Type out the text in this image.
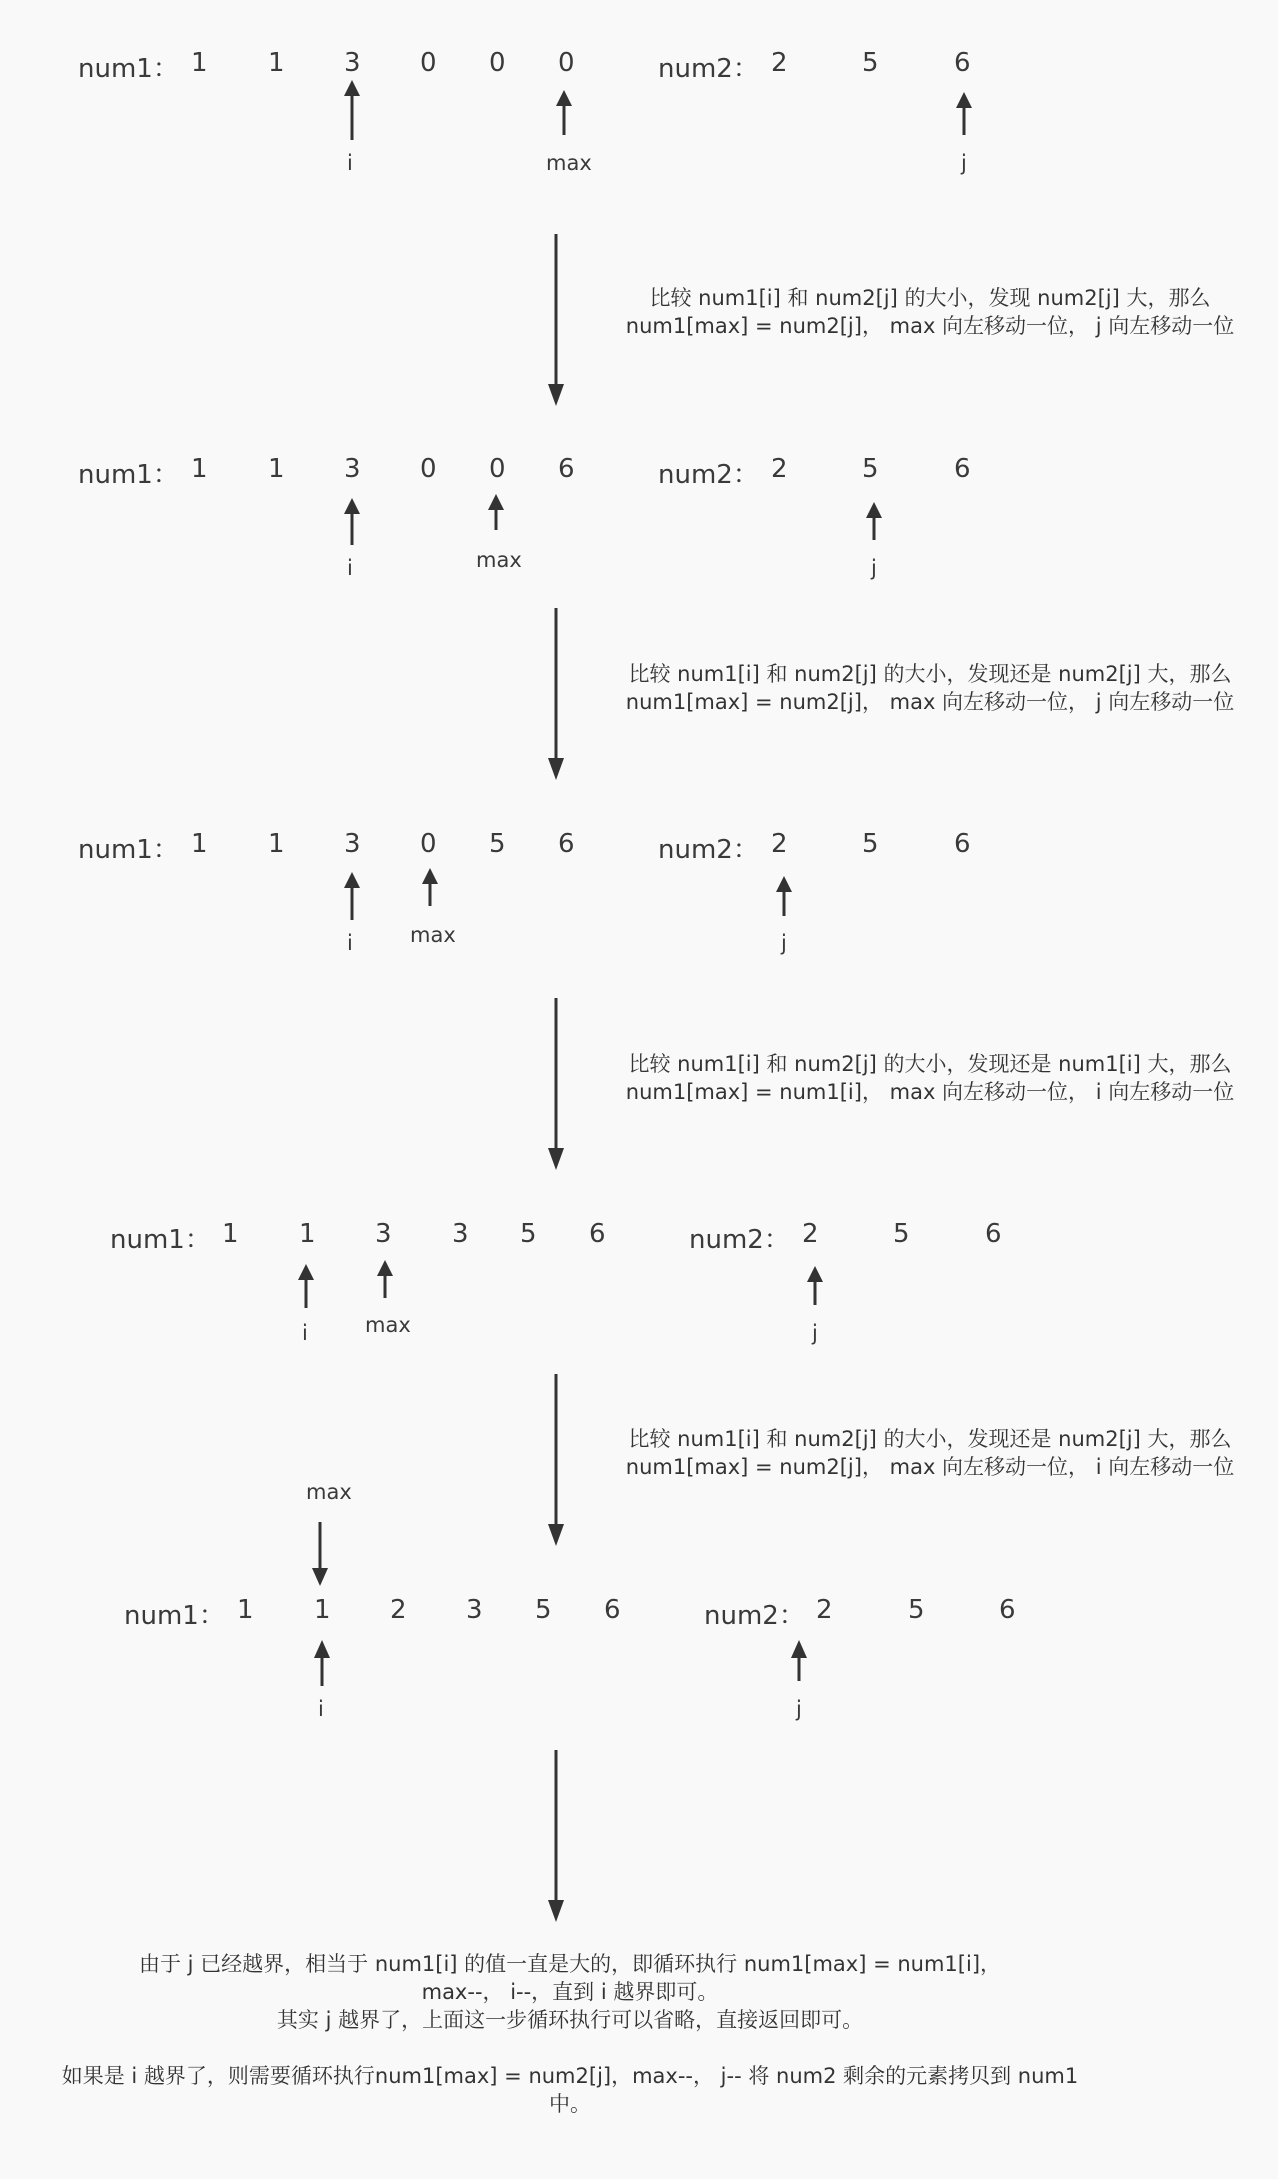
num1： 1 1 3 0 0 0	num2： 2	5	6
i	max	j
比较 num1[i] 和 num2[j] 的大小，发现 num2[j] 大，那么
num1[max] = num2[j]， max 向左移动一位， j 向左移动一位
num1： 1 1 3 0 0 6	num2： 2	5	6
i	max	j
比较 num1[i] 和 num2[j] 的大小，发现还是 num2[j] 大，那么
num1[max] = num2[j]， max 向左移动一位， j 向左移动一位
num1： 1 1 3 0 5 6	num2： 2	5	6
i	max	j
比较 num1[i] 和 num2[j] 的大小，发现还是 num1[i] 大，那么
num1[max] = num1[i]， max 向左移动一位， i 向左移动一位
num1： 1 1 3 3 5 6	num2： 2	5	6
i	max	j
比较 num1[i] 和 num2[j] 的大小，发现还是 num2[j] 大，那么
num1[max] = num2[j]， max 向左移动一位， i 向左移动一位
max
num1： 1 1 2 3 5 6	num2： 2	5	6
i	j
由于 j 已经越界，相当于 num1[i] 的值一直是大的，即循环执行 num1[max] = num1[i]，
max--， i--，直到 i 越界即可。
其实 j 越界了，上面这一步循环执行可以省略，直接返回即可。
如果是 i 越界了，则需要循环执行num1[max] = num2[j]，max--， j-- 将 num2 剩余的元素拷贝到 num1
中。
